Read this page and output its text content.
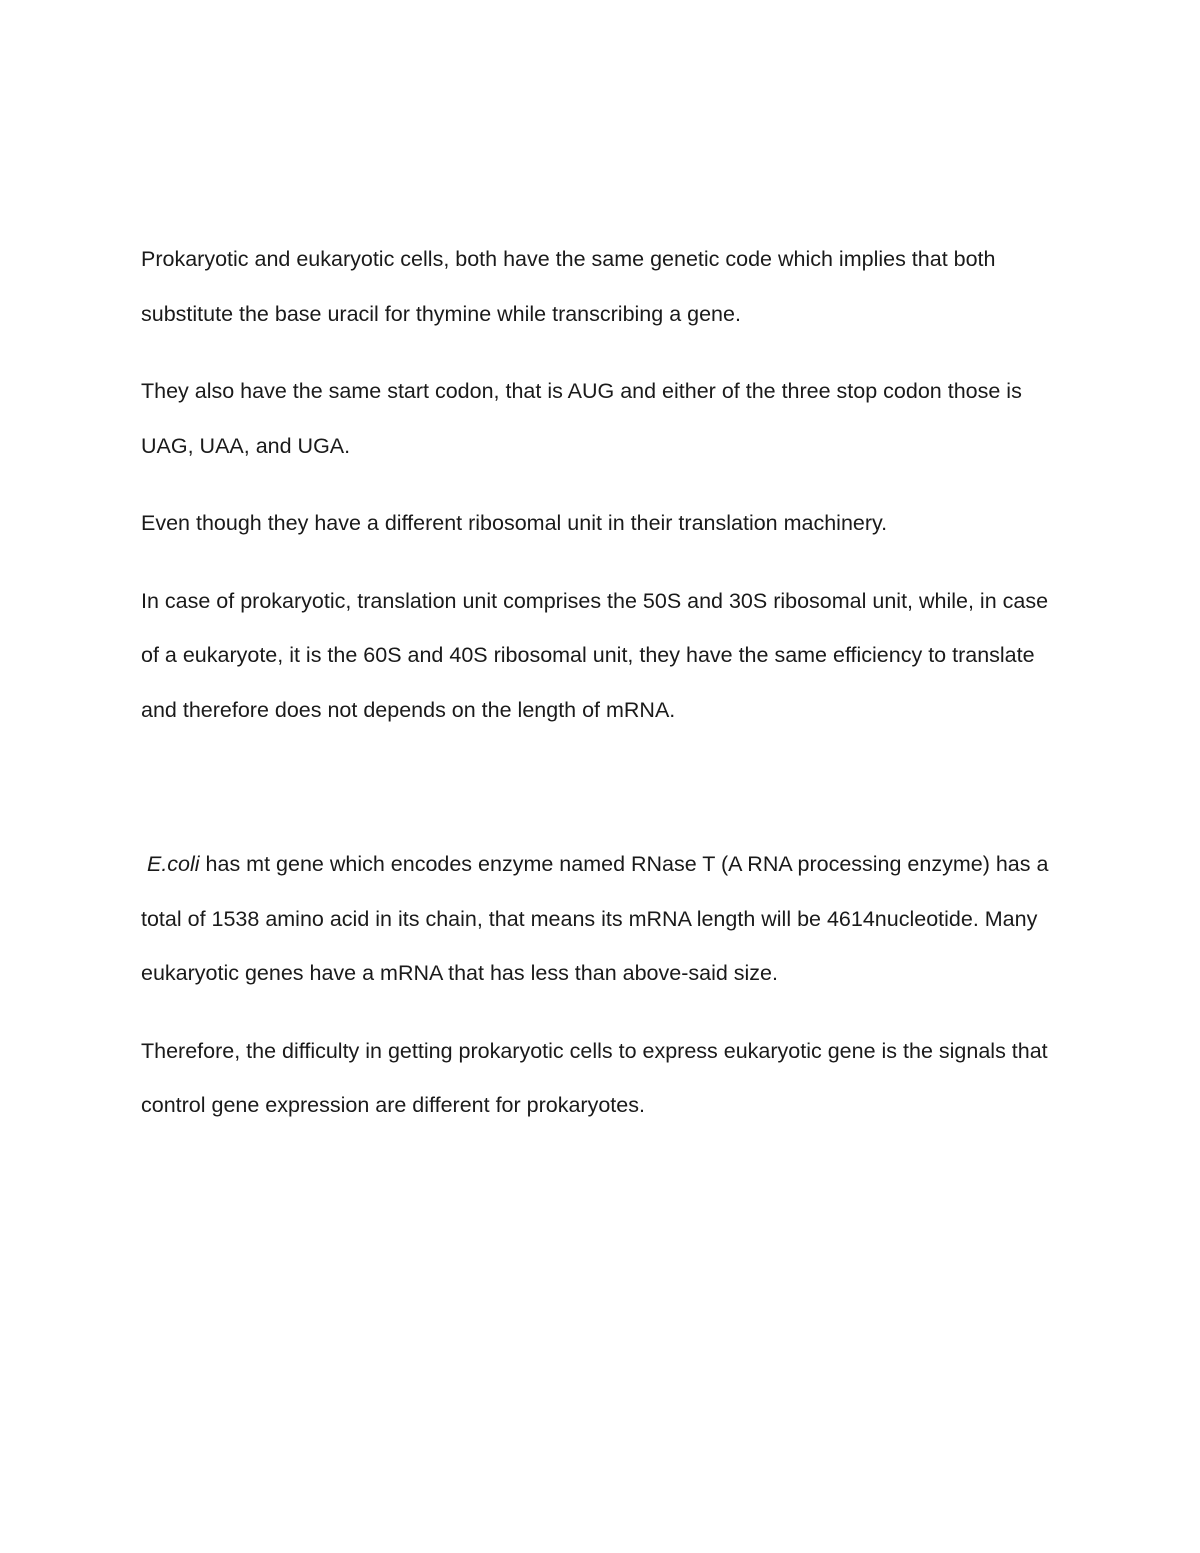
Prokaryotic and eukaryotic cells, both have the same genetic code which implies that both substitute the base uracil for thymine while transcribing a gene.

They also have the same start codon, that is AUG and either of the three stop codon those is UAG, UAA, and UGA.

Even though they have a different ribosomal unit in their translation machinery.

In case of prokaryotic, translation unit comprises the 50S and 30S ribosomal unit, while, in case of a eukaryote, it is the 60S and 40S ribosomal unit, they have the same efficiency to translate and therefore does not depends on the length of mRNA.

E.coli has mt gene which encodes enzyme named RNase T (A RNA processing enzyme) has a total of 1538 amino acid in its chain, that means its mRNA length will be 4614nucleotide. Many eukaryotic genes have a mRNA that has less than above-said size.

Therefore, the difficulty in getting prokaryotic cells to express eukaryotic gene is the signals that control gene expression are different for prokaryotes.
